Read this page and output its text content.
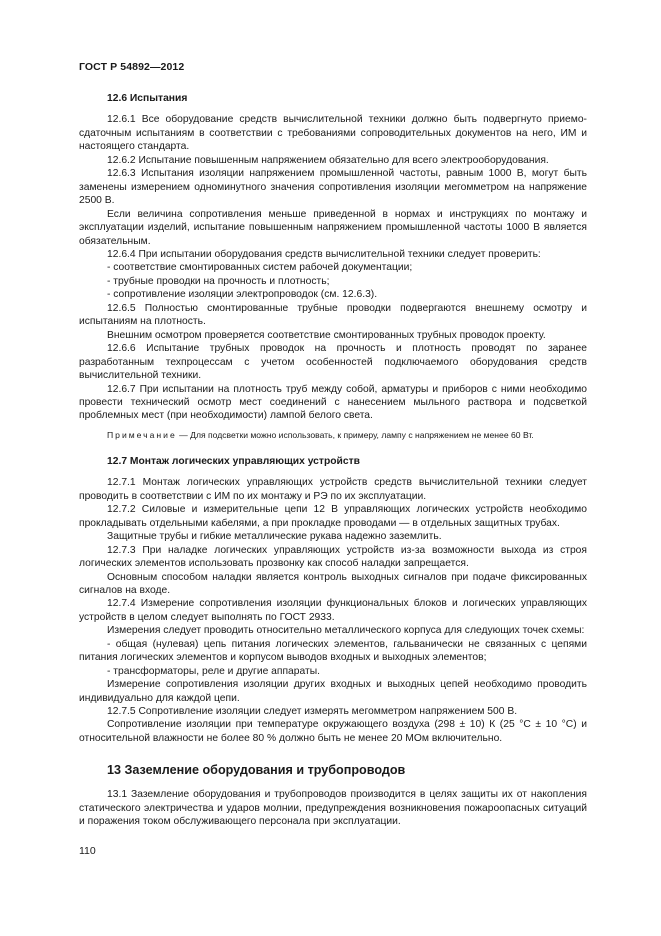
ГОСТ Р 54892—2012
12.6 Испытания

12.6.1 Все оборудование средств вычислительной техники должно быть подвергнуто приемо-сдаточным испытаниям в соответствии с требованиями сопроводительных документов на него, ИМ и настоящего стандарта.

12.6.2 Испытание повышенным напряжением обязательно для всего электрооборудования.

12.6.3 Испытания изоляции напряжением промышленной частоты, равным 1000 В, могут быть заменены измерением одноминутного значения сопротивления изоляции мегомметром на напряжение 2500 В.

Если величина сопротивления меньше приведенной в нормах и инструкциях по монтажу и эксплуатации изделий, испытание повышенным напряжением промышленной частоты 1000 В является обязательным.

12.6.4 При испытании оборудования средств вычислительной техники следует проверить:

- соответствие смонтированных систем рабочей документации;

- трубные проводки на прочность и плотность;

- сопротивление изоляции электропроводок (см. 12.6.3).

12.6.5 Полностью смонтированные трубные проводки подвергаются внешнему осмотру и испытаниям на плотность.

Внешним осмотром проверяется соответствие смонтированных трубных проводок проекту.

12.6.6 Испытание трубных проводок на прочность и плотность проводят по заранее разработанным техпроцессам с учетом особенностей подключаемого оборудования средств вычислительной техники.

12.6.7 При испытании на плотность труб между собой, арматуры и приборов с ними необходимо провести технический осмотр мест соединений с нанесением мыльного раствора и подсветкой проблемных мест (при необходимости) лампой белого света.

Примечание — Для подсветки можно использовать, к примеру, лампу с напряжением не менее 60 Вт.

12.7 Монтаж логических управляющих устройств

12.7.1 Монтаж логических управляющих устройств средств вычислительной техники следует проводить в соответствии с ИМ по их монтажу и РЭ по их эксплуатации.

12.7.2 Силовые и измерительные цепи 12 В управляющих логических устройств необходимо прокладывать отдельными кабелями, а при прокладке проводами — в отдельных защитных трубах.

Защитные трубы и гибкие металлические рукава надежно заземлить.

12.7.3 При наладке логических управляющих устройств из-за возможности выхода из строя логических элементов использовать прозвонку как способ наладки запрещается.

Основным способом наладки является контроль выходных сигналов при подаче фиксированных сигналов на входе.

12.7.4 Измерение сопротивления изоляции функциональных блоков и логических управляющих устройств в целом следует выполнять по ГОСТ 2933.

Измерения следует проводить относительно металлического корпуса для следующих точек схемы:

- общая (нулевая) цепь питания логических элементов, гальванически не связанных с цепями питания логических элементов и корпусом выводов входных и выходных элементов;

- трансформаторы, реле и другие аппараты.

Измерение сопротивления изоляции других входных и выходных цепей необходимо проводить индивидуально для каждой цепи.

12.7.5 Сопротивление изоляции следует измерять мегомметром напряжением 500 В.

Сопротивление изоляции при температуре окружающего воздуха (298 ± 10) К (25 °C ± 10 °C) и относительной влажности не более 80 % должно быть не менее 20 МОм включительно.

13 Заземление оборудования и трубопроводов

13.1 Заземление оборудования и трубопроводов производится в целях защиты их от накопления статического электричества и ударов молнии, предупреждения возникновения пожароопасных ситуаций и поражения током обслуживающего персонала при эксплуатации.

110
